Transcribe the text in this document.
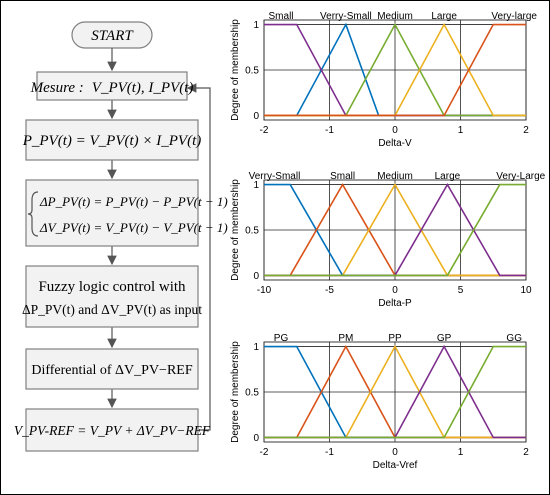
START
Mesure : V_PV(t), I_PV(t)
P_PV(t) = V_PV(t) × I_PV(t)
ΔP_PV(t) = P_PV(t) − P_PV(t − 1)
ΔV_PV(t) = V_PV(t) − V_PV(t − 1)
Fuzzy logic control with
ΔP_PV(t) and ΔV_PV(t) as input
Differential of ΔV_PV−REF
V_PV-REF = V_PV + ΔV_PV−REF
-2	-1	0	1	2
0
0.5
1
Verry-Small
Small	Medium Large	Very-large
Delta-V
Degree of membership
-10	-5	0	5	10
0
0.5
1
Verry-Small	Small Medium Large	Very-Large
Delta-P
Degree of membership
-2	-1	0	1	2
0
0.5
1
PG	PM	PP	GP	GG
Delta-Vref
Degree of membership
